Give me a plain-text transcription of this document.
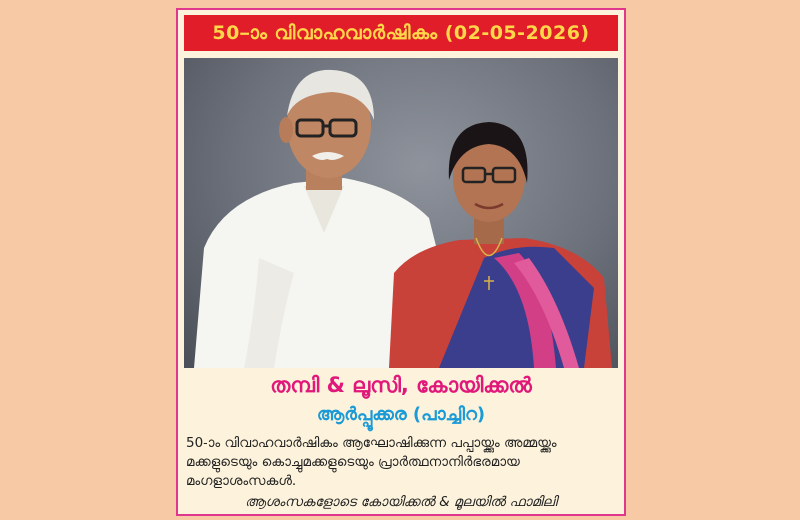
50–ാം വിവാഹവാർഷികം (02-05-2026)
തമ്പി & ലൂസി, കോയിക്കൽ
ആർപ്പൂക്കര (പാച്ചിറ)
50-ാം വിവാഹവാർഷികം ആഘോഷിക്കുന്ന പപ്പായ്ക്കും അമ്മയ്ക്കും
മക്കളുടെയും കൊച്ചുമക്കളുടെയും പ്രാർത്ഥനാനിർഭരമായ
മംഗളാശംസകൾ.
ആശംസകളോടെ കോയിക്കൽ & മൂലയിൽ ഫാമിലി
